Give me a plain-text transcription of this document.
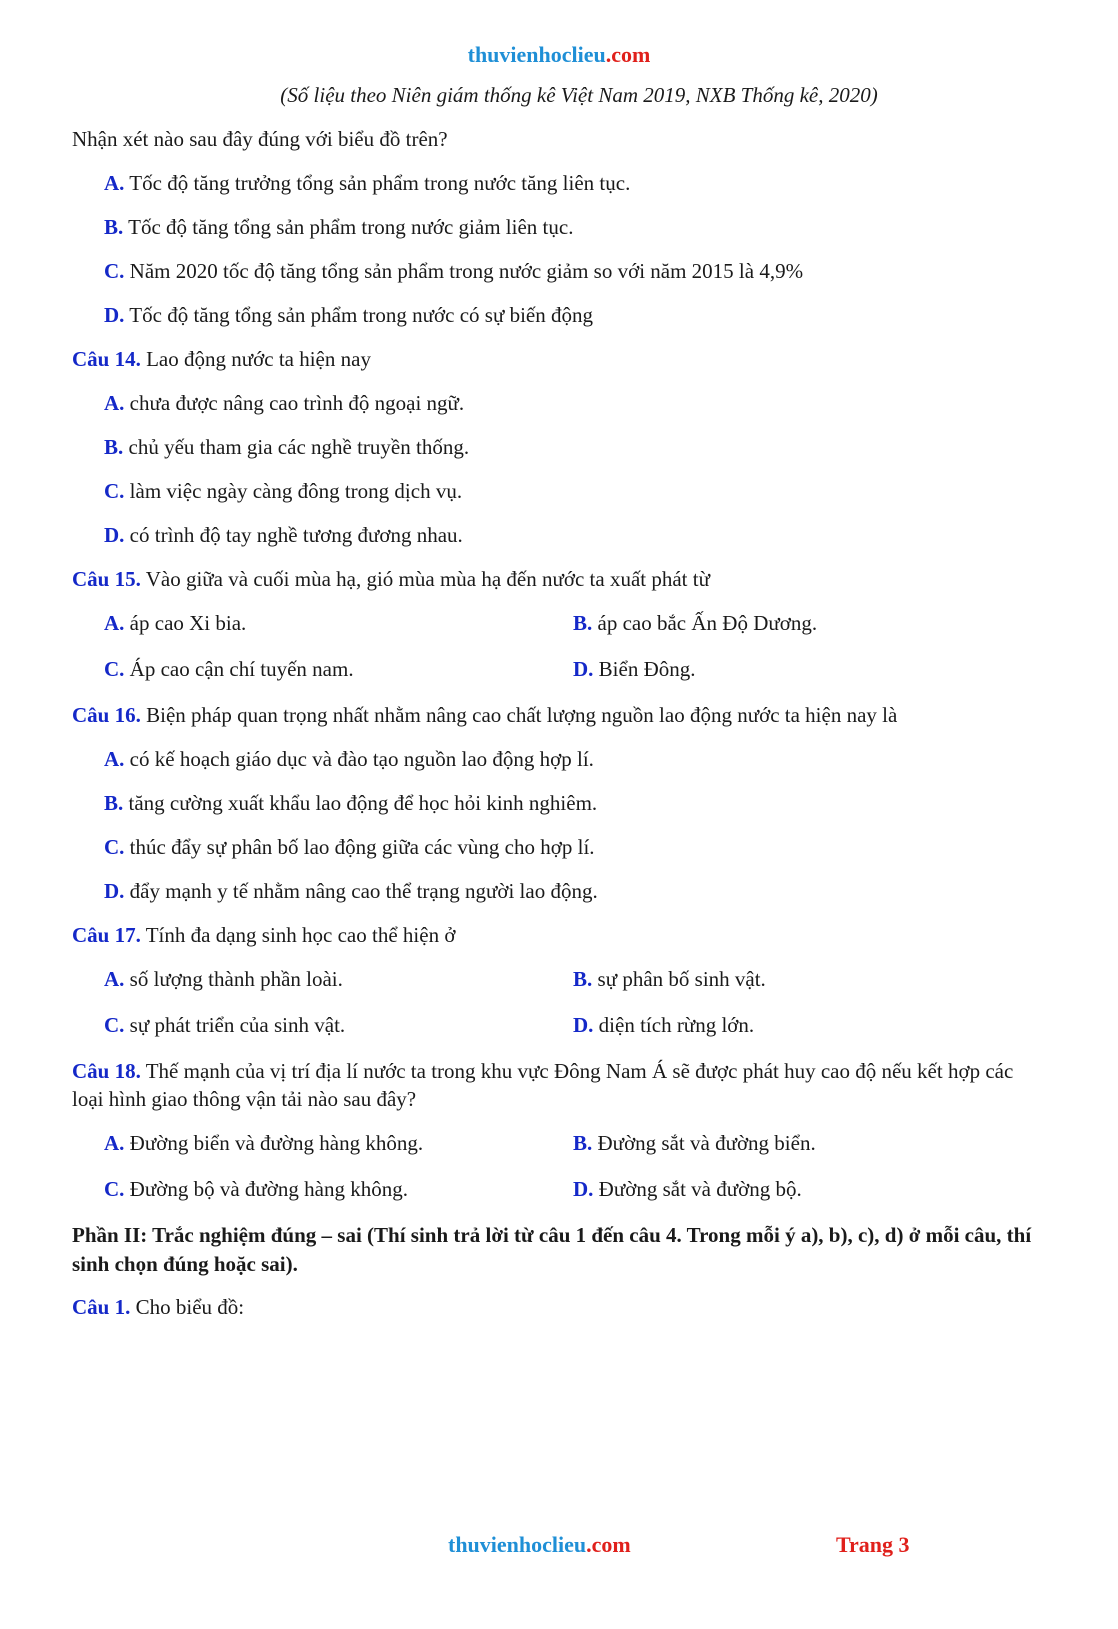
thuvienhoclieu.com
(Số liệu theo Niên giám thống kê Việt Nam 2019, NXB Thống kê, 2020)
Nhận xét nào sau đây đúng với biểu đồ trên?
A. Tốc độ tăng trưởng tổng sản phẩm trong nước tăng liên tục.
B. Tốc độ tăng tổng sản phẩm trong nước giảm liên tục.
C. Năm 2020 tốc độ tăng tổng sản phẩm trong nước giảm so với năm 2015 là 4,9%
D. Tốc độ tăng tổng sản phẩm trong nước có sự biến động
Câu 14. Lao động nước ta hiện nay
A. chưa được nâng cao trình độ ngoại ngữ.
B. chủ yếu tham gia các nghề truyền thống.
C. làm việc ngày càng đông trong dịch vụ.
D. có trình độ tay nghề tương đương nhau.
Câu 15. Vào giữa và cuối mùa hạ, gió mùa mùa hạ đến nước ta xuất phát từ
A. áp cao Xi bia.	B. áp cao bắc Ấn Độ Dương.
C. Áp cao cận chí tuyến nam.	D. Biển Đông.
Câu 16. Biện pháp quan trọng nhất nhằm nâng cao chất lượng nguồn lao động nước ta hiện nay là
A. có kế hoạch giáo dục và đào tạo nguồn lao động hợp lí.
B. tăng cường xuất khẩu lao động để học hỏi kinh nghiêm.
C. thúc đẩy sự phân bố lao động giữa các vùng cho hợp lí.
D. đẩy mạnh y tế nhằm nâng cao thể trạng người lao động.
Câu 17. Tính đa dạng sinh học cao thể hiện ở
A. số lượng thành phần loài.	B. sự phân bố sinh vật.
C. sự phát triển của sinh vật.	D. diện tích rừng lớn.
Câu 18. Thế mạnh của vị trí địa lí nước ta trong khu vực Đông Nam Á sẽ được phát huy cao độ nếu kết hợp các loại hình giao thông vận tải nào sau đây?
A. Đường biển và đường hàng không.	B. Đường sắt và đường biển.
C. Đường bộ và đường hàng không.	D. Đường sắt và đường bộ.
Phần II: Trắc nghiệm đúng – sai (Thí sinh trả lời từ câu 1 đến câu 4. Trong mỗi ý a), b), c), d) ở mỗi câu, thí sinh chọn đúng hoặc sai).
Câu 1. Cho biểu đồ:
thuvienhoclieu.com	Trang 3
